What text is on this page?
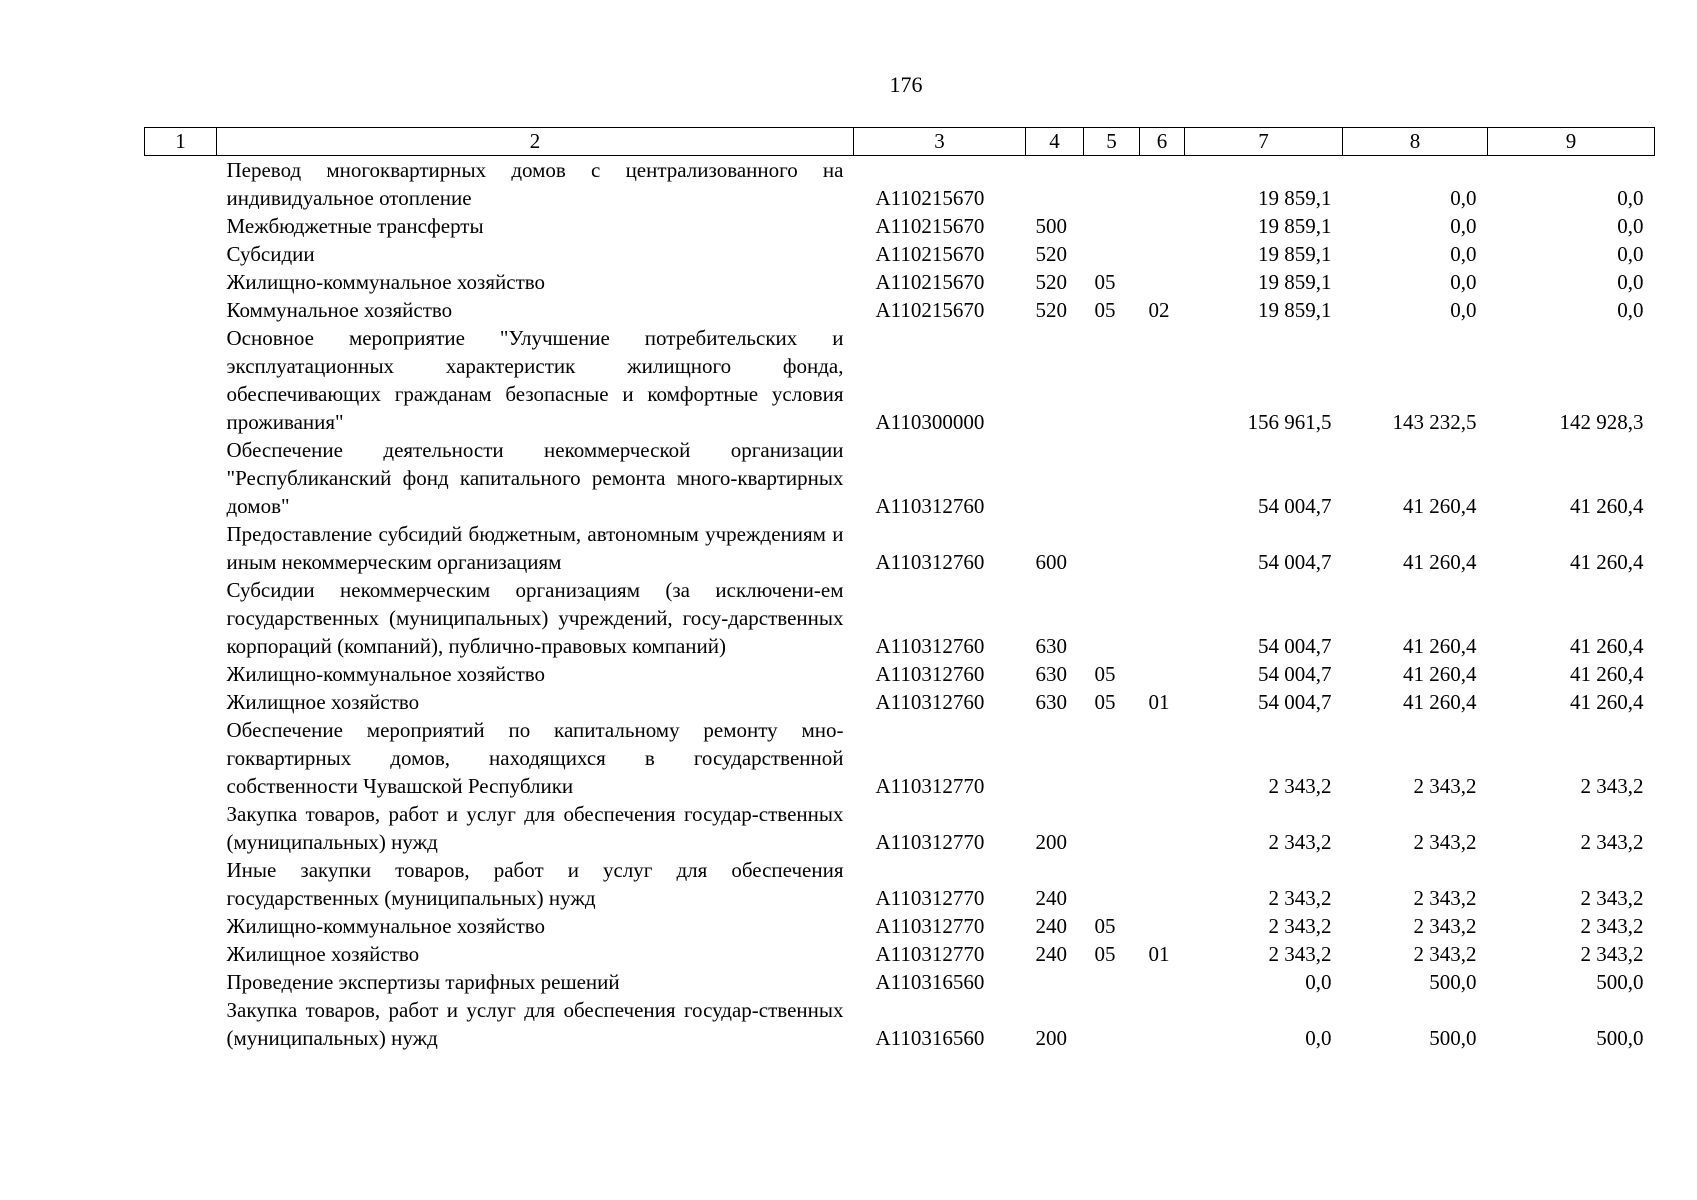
176
1	2	3	4	5	6	7	8	9
	Перевод многоквартирных домов с централизованного на индивидуальное отопление	А110215670				19 859,1	0,0	0,0
	Межбюджетные трансферты	А110215670	500			19 859,1	0,0	0,0
	Субсидии	А110215670	520			19 859,1	0,0	0,0
	Жилищно-коммунальное хозяйство	А110215670	520	05		19 859,1	0,0	0,0
	Коммунальное хозяйство	А110215670	520	05	02	19 859,1	0,0	0,0
	Основное мероприятие "Улучшение потребительских и эксплуатационных характеристик жилищного фонда, обеспечивающих гражданам безопасные и комфортные условия проживания"	А110300000				156 961,5	143 232,5	142 928,3
	Обеспечение деятельности некоммерческой организации "Республиканский фонд капитального ремонта много-квартирных домов"	А110312760				54 004,7	41 260,4	41 260,4
	Предоставление субсидий бюджетным, автономным учреждениям и иным некоммерческим организациям	А110312760	600			54 004,7	41 260,4	41 260,4
	Субсидии некоммерческим организациям (за исключени-ем государственных (муниципальных) учреждений, госу-дарственных корпораций (компаний), публично-правовых компаний)	А110312760	630			54 004,7	41 260,4	41 260,4
	Жилищно-коммунальное хозяйство	А110312760	630	05		54 004,7	41 260,4	41 260,4
	Жилищное хозяйство	А110312760	630	05	01	54 004,7	41 260,4	41 260,4
	Обеспечение мероприятий по капитальному ремонту мно-гоквартирных домов, находящихся в государственной собственности Чувашской Республики	А110312770				2 343,2	2 343,2	2 343,2
	Закупка товаров, работ и услуг для обеспечения государ-ственных (муниципальных) нужд	А110312770	200			2 343,2	2 343,2	2 343,2
	Иные закупки товаров, работ и услуг для обеспечения государственных (муниципальных) нужд	А110312770	240			2 343,2	2 343,2	2 343,2
	Жилищно-коммунальное хозяйство	А110312770	240	05		2 343,2	2 343,2	2 343,2
	Жилищное хозяйство	А110312770	240	05	01	2 343,2	2 343,2	2 343,2
	Проведение экспертизы тарифных решений	А110316560				0,0	500,0	500,0
	Закупка товаров, работ и услуг для обеспечения государ-ственных (муниципальных) нужд	А110316560	200			0,0	500,0	500,0
